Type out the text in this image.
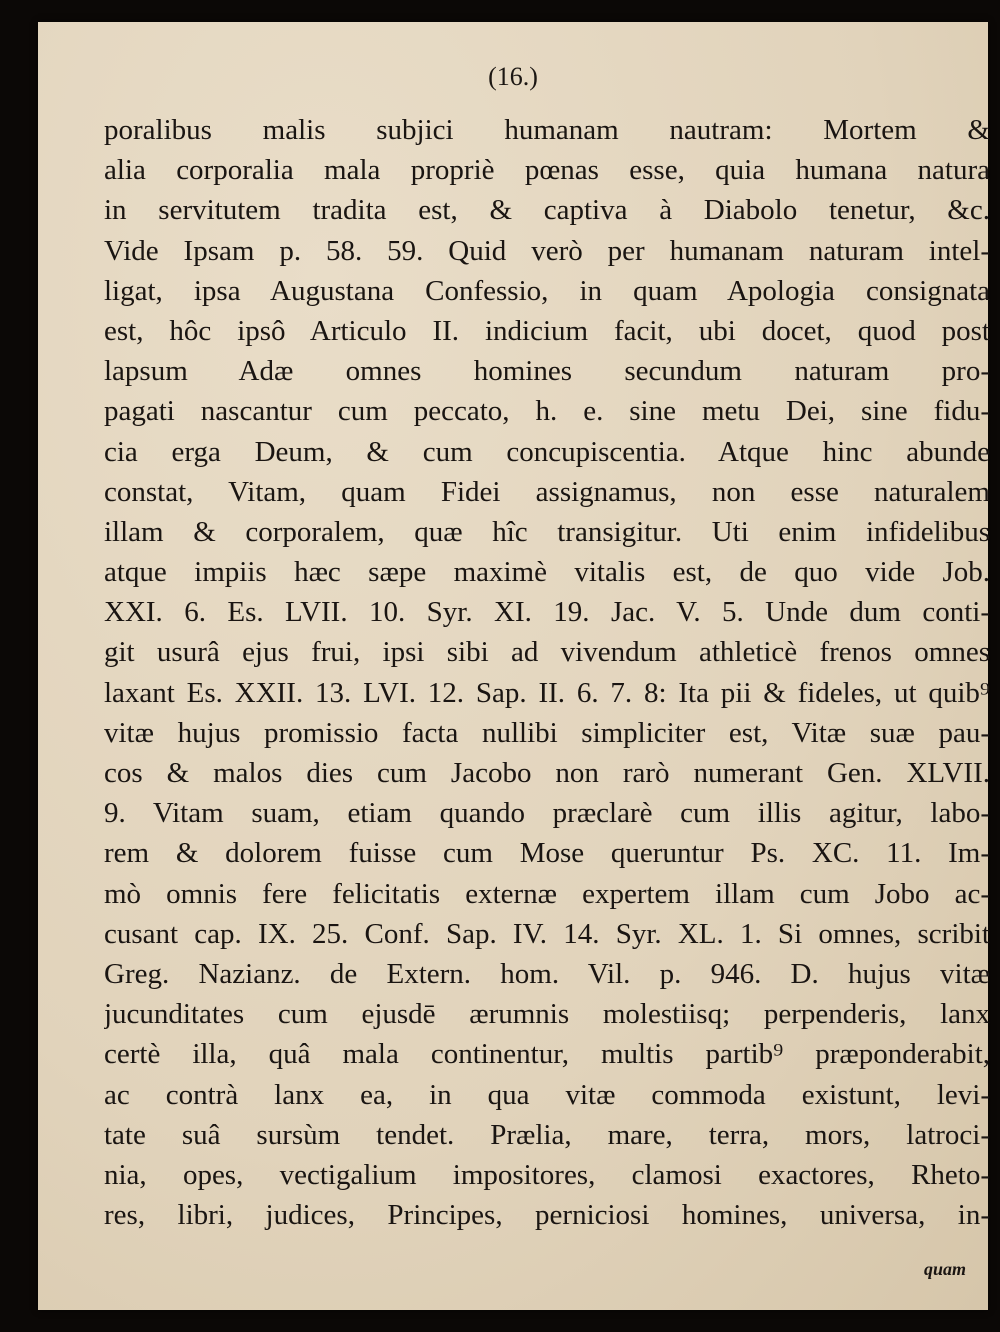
(16.)
poralibus malis subjici humanam nautram: Mortem &
alia corporalia mala propriè pœnas esse, quia humana natura
in servitutem tradita est, & captiva à Diabolo tenetur, &c.
Vide Ipsam p. 58. 59. Quid verò per humanam naturam intel-
ligat, ipsa Augustana Confessio, in quam Apologia consignata
est, hôc ipsô Articulo II. indicium facit, ubi docet, quod post
lapsum Adæ omnes homines secundum naturam pro-
pagati nascantur cum peccato, h. e. sine metu Dei, sine fidu-
cia erga Deum, & cum concupiscentia. Atque hinc abunde
constat, Vitam, quam Fidei assignamus, non esse naturalem
illam & corporalem, quæ hîc transigitur. Uti enim infidelibus
atque impiis hæc sæpe maximè vitalis est, de quo vide Job.
XXI. 6. Es. LVII. 10. Syr. XI. 19. Jac. V. 5. Unde dum conti-
git usurâ ejus frui, ipsi sibi ad vivendum athleticè frenos omnes
laxant Es. XXII. 13. LVI. 12. Sap. II. 6. 7. 8: Ita pii & fideles, ut quib⁹
vitæ hujus promissio facta nullibi simpliciter est, Vitæ suæ pau-
cos & malos dies cum Jacobo non rarò numerant Gen. XLVII.
9. Vitam suam, etiam quando præclarè cum illis agitur, labo-
rem & dolorem fuisse cum Mose queruntur Ps. XC. 11. Im-
mò omnis fere felicitatis externæ expertem illam cum Jobo ac-
cusant cap. IX. 25. Conf. Sap. IV. 14. Syr. XL. 1. Si omnes, scribit
Greg. Nazianz. de Extern. hom. Vil. p. 946. D. hujus vitæ
jucunditates cum ejusdē ærumnis molestiisq; perpenderis, lanx
certè illa, quâ mala continentur, multis partib⁹ præponderabit,
ac contrà lanx ea, in qua vitæ commoda existunt, levi-
tate suâ sursùm tendet. Prælia, mare, terra, mors, latroci-
nia, opes, vectigalium impositores, clamosi exactores, Rheto-
res, libri, judices, Principes, perniciosi homines, universa, in-
quam
